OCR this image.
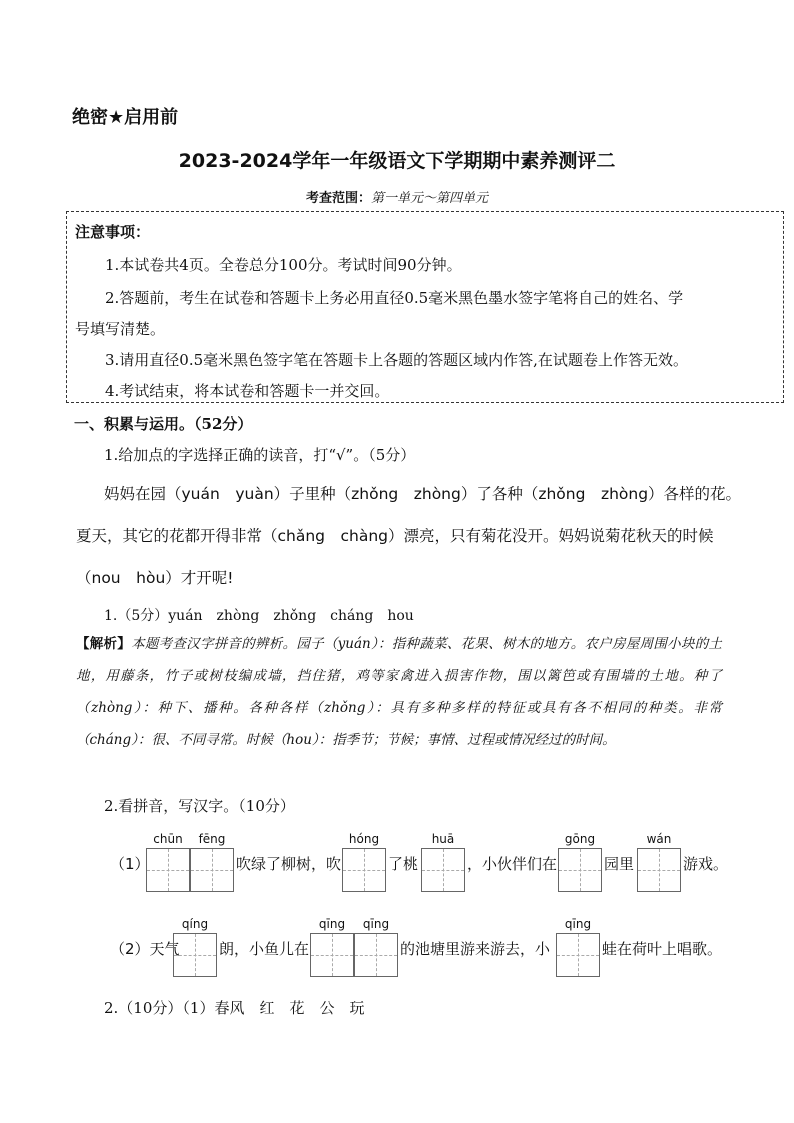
绝密★启用前
2023-2024学年一年级语文下学期期中素养测评二
考查范围：第一单元～第四单元
注意事项：
1.本试卷共4页。全卷总分100分。考试时间90分钟。
2.答题前，考生在试卷和答题卡上务必用直径0.5毫米黑色墨水签字笔将自己的姓名、学
号填写清楚。
3.请用直径0.5毫米黑色签字笔在答题卡上各题的答题区域内作答,在试题卷上作答无效。
4.考试结束，将本试卷和答题卡一并交回。
一、积累与运用。（52分）
1.给加点的字选择正确的读音，打“√”。（5分）
妈妈在园（yuán　yuàn）子里种（zhǒng　zhòng）了各种（zhǒng　zhòng）各样的花。
夏天，其它的花都开得非常（chǎng　chàng）漂亮，只有菊花没开。妈妈说菊花秋天的时候
（nou　hòu）才开呢!
1.（5分）yuán　zhòng　zhǒng　cháng　hou
【解析】本题考查汉字拼音的辨析。园子（yuán）：指种蔬菜、花果、树木的地方。农户房屋周围小块的土地，用藤条，竹子或树枝编成墙，挡住猪，鸡等家禽进入损害作物，围以篱笆或有围墙的土地。种了（zhòng）：种下、播种。各种各样（zhǒng）：具有多种多样的特征或具有各不相同的种类。非常（cháng）：很、不同寻常。时候（hou）：指季节；节候；事情、过程或情况经过的时间。
2.看拼音，写汉字。（10分）
（1）
chūn	fēng
吹绿了柳树，吹
hóng
了桃
huā
，小伙伴们在
gōng
园里
wán
游戏。
（2）天气
qíng
朗，小鱼儿在
qīng	qīng
的池塘里游来游去，小
qīng
蛙在荷叶上唱歌。
2.（10分）（1）春风　红　花　公　玩
